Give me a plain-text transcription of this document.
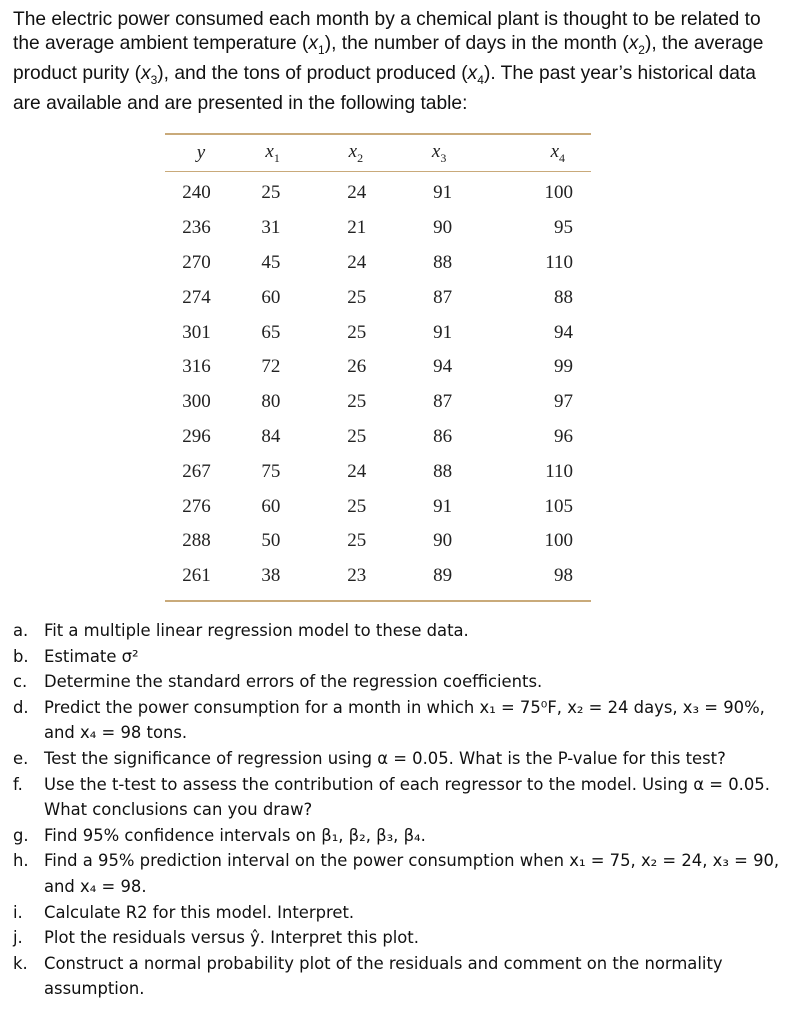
The electric power consumed each month by a chemical plant is thought to be related to the average ambient temperature $(x_1)$, the number of days in the month $(x_2)$, the average product purity $(x_3)$, and the tons of product produced $(x_4)$. The past year’s historical data are available and are presented in the following table:
y	$x_1$	$x_2$	$x_3$	$x_4$
240	25	24	91	100
236	31	21	90	95
270	45	24	88	110
274	60	25	87	88
301	65	25	91	94
316	72	26	94	99
300	80	25	87	97
296	84	25	86	96
267	75	24	88	110
276	60	25	91	105
288	50	25	90	100
261	38	23	89	98
a. Fit a multiple linear regression model to these data.
b. Estimate σ²
c.	Determine the standard errors of the regression coefficients.
d. Predict the power consumption for a month in which x₁ = 75⁰F, x₂ = 24 days, x₃ = 90%, and x₄ = 98 tons.
e. Test the significance of regression using α = 0.05. What is the P-value for this test?
f.	Use the t-test to assess the contribution of each regressor to the model. Using α = 0.05. What conclusions can you draw?
g. Find 95% confidence intervals on β₁, β₂, β₃, β₄.
h. Find a 95% prediction interval on the power consumption when x₁ = 75, x₂ = 24, x₃ = 90, and x₄ = 98.
i.	Calculate R2 for this model. Interpret.
j.	Plot the residuals versus ŷ. Interpret this plot.
k. Construct a normal probability plot of the residuals and comment on the normality assumption.
